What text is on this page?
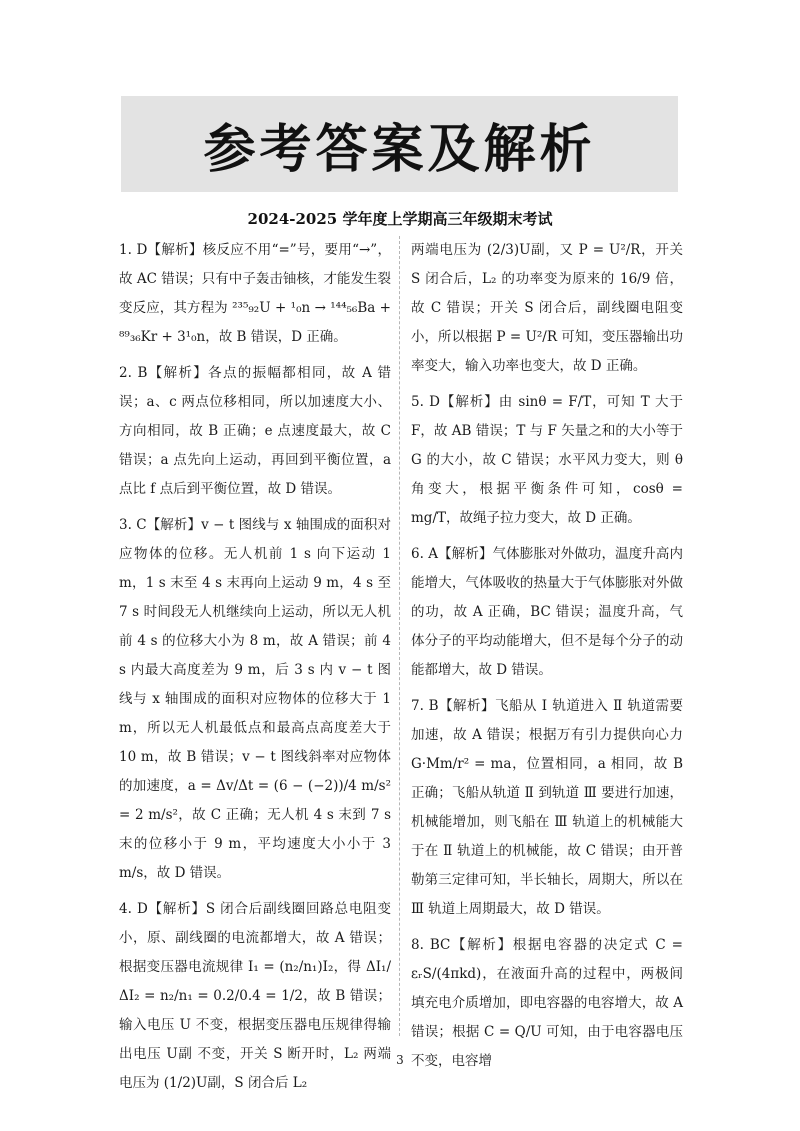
参考答案及解析
2024-2025 学年度上学期高三年级期末考试

1. D【解析】核反应不用“=”号，要用“→”，故 AC 错误；只有中子轰击铀核，才能发生裂变反应，其方程为 ²³⁵₉₂U + ¹₀n → ¹⁴⁴₅₆Ba + ⁸⁹₃₆Kr + 3¹₀n，故 B 错误，D 正确。

2. B【解析】各点的振幅都相同，故 A 错误；a、c 两点位移相同，所以加速度大小、方向相同，故 B 正确；e 点速度最大，故 C 错误；a 点先向上运动，再回到平衡位置，a 点比 f 点后到平衡位置，故 D 错误。

3. C【解析】v − t 图线与 x 轴围成的面积对应物体的位移。无人机前 1 s 向下运动 1 m，1 s 末至 4 s 末再向上运动 9 m，4 s 至 7 s 时间段无人机继续向上运动，所以无人机前 4 s 的位移大小为 8 m，故 A 错误；前 4 s 内最大高度差为 9 m，后 3 s 内 v − t 图线与 x 轴围成的面积对应物体的位移大于 1 m，所以无人机最低点和最高点高度差大于 10 m，故 B 错误；v − t 图线斜率对应物体的加速度，a = Δv/Δt = (6 − (−2))/4 m/s² = 2 m/s²，故 C 正确；无人机 4 s 末到 7 s 末的位移小于 9 m，平均速度大小小于 3 m/s，故 D 错误。

4. D【解析】S 闭合后副线圈回路总电阻变小，原、副线圈的电流都增大，故 A 错误；根据变压器电流规律 I₁ = (n₂/n₁)I₂，得 ΔI₁/ΔI₂ = n₂/n₁ = 0.2/0.4 = 1/2，故 B 错误；输入电压 U 不变，根据变压器电压规律得输出电压 U副 不变，开关 S 断开时，L₂ 两端电压为 (1/2)U副，S 闭合后 L₂

两端电压为 (2/3)U副，又 P = U²/R，开关 S 闭合后，L₂ 的功率变为原来的 16/9 倍，故 C 错误；开关 S 闭合后，副线圈电阻变小，所以根据 P = U²/R 可知，变压器输出功率变大，输入功率也变大，故 D 正确。

5. D【解析】由 sinθ = F/T，可知 T 大于 F，故 AB 错误；T 与 F 矢量之和的大小等于 G 的大小，故 C 错误；水平风力变大，则 θ 角变大，根据平衡条件可知，cosθ = mg/T，故绳子拉力变大，故 D 正确。

6. A【解析】气体膨胀对外做功，温度升高内能增大，气体吸收的热量大于气体膨胀对外做的功，故 A 正确，BC 错误；温度升高，气体分子的平均动能增大，但不是每个分子的动能都增大，故 D 错误。

7. B【解析】飞船从 Ⅰ 轨道进入 Ⅱ 轨道需要加速，故 A 错误；根据万有引力提供向心力 G·Mm/r² = ma，位置相同，a 相同，故 B 正确；飞船从轨道 Ⅱ 到轨道 Ⅲ 要进行加速，机械能增加，则飞船在 Ⅲ 轨道上的机械能大于在 Ⅱ 轨道上的机械能，故 C 错误；由开普勒第三定律可知，半长轴长，周期大，所以在 Ⅲ 轨道上周期最大，故 D 错误。

8. BC【解析】根据电容器的决定式 C = εᵣS/(4πkd)，在液面升高的过程中，两极间填充电介质增加，即电容器的电容增大，故 A 错误；根据 C = Q/U 可知，由于电容器电压不变，电容增

3
